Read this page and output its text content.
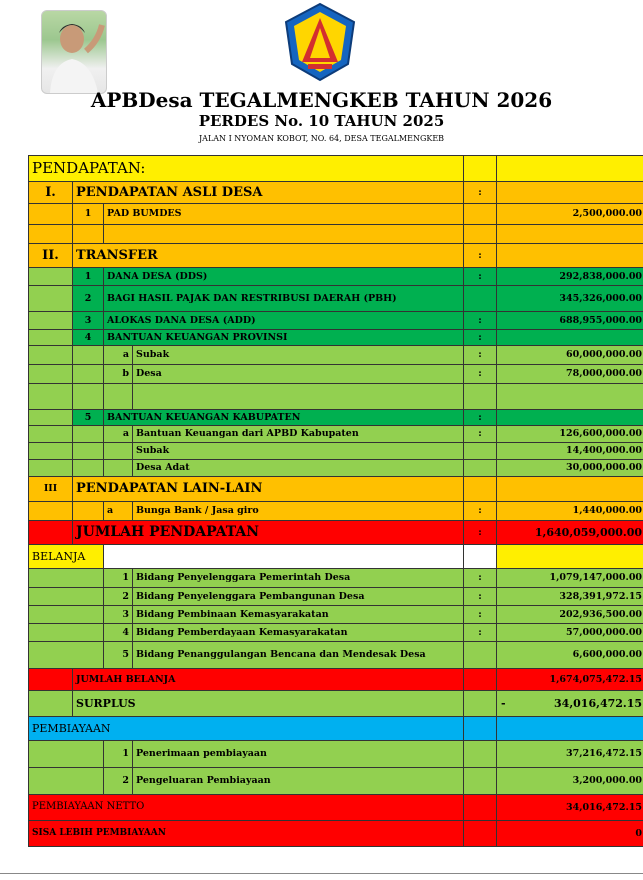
APBDesa TEGALMENGKEB TAHUN 2026
PERDES No. 10 TAHUN 2025
JALAN I NYOMAN KOBOT, NO. 64, DESA TEGALMENGKEB
PENDAPATAN:					
I.	PENDAPATAN ASLI DESA			:	
	1	PAD BUMDES			2,500,000.00

II.	TRANSFER			:	
	1	DANA DESA (DDS)		:	292,838,000.00
	2	BAGI HASIL PAJAK DAN RESTRIBUSI DAERAH (PBH)			345,326,000.00
	3	ALOKAS DANA DESA (ADD)		:	688,955,000.00
	4	BANTUAN KEUANGAN PROVINSI		:	
		a	Subak	:	60,000,000.00
		b	Desa	:	78,000,000.00

	5	BANTUAN KEUANGAN KABUPATEN		:	
		a	Bantuan Keuangan dari APBD Kabupaten	:	126,600,000.00
			Subak		14,400,000.00
			Desa Adat		30,000,000.00
III	PENDAPATAN LAIN-LAIN				
		a	Bunga Bank / Jasa giro	:	1,440,000.00
	JUMLAH PENDAPATAN			:	1,640,059,000.00
BELANJA					
		1	Bidang Penyelenggara Pemerintah Desa	:	1,079,147,000.00
		2	Bidang Penyelenggara Pembangunan Desa	:	328,391,972.15
		3	Bidang Pembinaan Kemasyarakatan	:	202,936,500.00
		4	Bidang Pemberdayaan Kemasyarakatan	:	57,000,000.00
		5	Bidang Penanggulangan Bencana dan Mendesak Desa		6,600,000.00
	JUMLAH BELANJA				1,674,075,472.15
	SURPLUS				- 34,016,472.15
PEMBIAYAAN					
		1	Penerimaan pembiayaan		37,216,472.15
		2	Pengeluaran Pembiayaan		3,200,000.00
PEMBIAYAAN NETTO					34,016,472.15
SISA LEBIH PEMBIAYAAN					0
